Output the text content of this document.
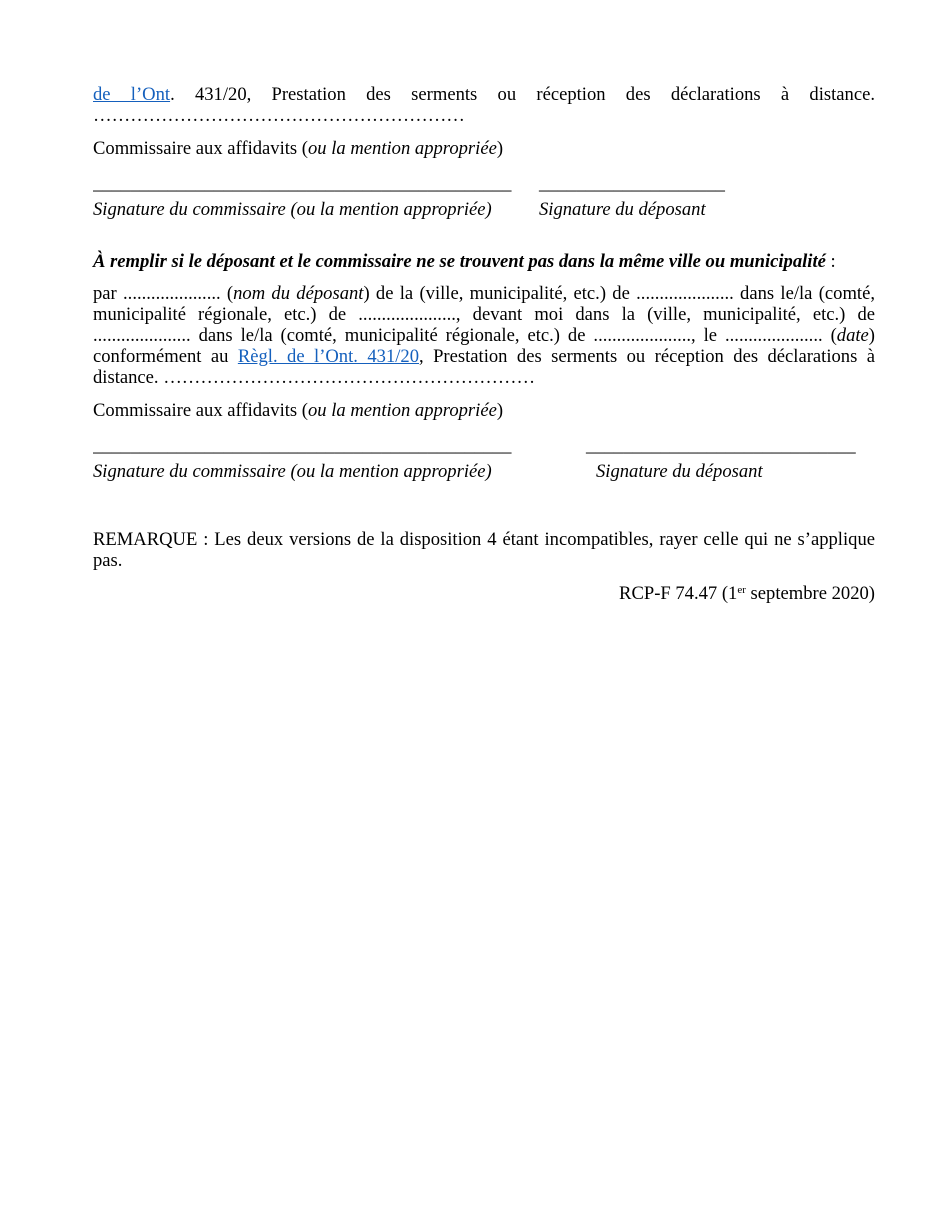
de l’Ont. 431/20, Prestation des serments ou réception des déclarations à distance.

……………………………………………………

Commissaire aux affidavits (ou la mention appropriée)

_____________________________________________ ____________________
Signature du commissaire (ou la mention appropriée)	Signature du déposant

À remplir si le déposant et le commissaire ne se trouvent pas dans la même ville ou municipalité :

par ..................... (nom du déposant) de la (ville, municipalité, etc.) de ..................... dans le/la (comté, municipalité régionale, etc.) de ....................., devant moi dans la (ville, municipalité, etc.) de ..................... dans le/la (comté, municipalité régionale, etc.) de ....................., le ..................... (date) conformément au Règl. de l’Ont. 431/20, Prestation des serments ou réception des déclarations à distance. ……………………………………………………

Commissaire aux affidavits (ou la mention appropriée)

_____________________________________________	_____________________________
Signature du commissaire (ou la mention appropriée)	Signature du déposant

REMARQUE : Les deux versions de la disposition 4 étant incompatibles, rayer celle qui ne s’applique pas.

RCP-F 74.47 (1er septembre 2020)
